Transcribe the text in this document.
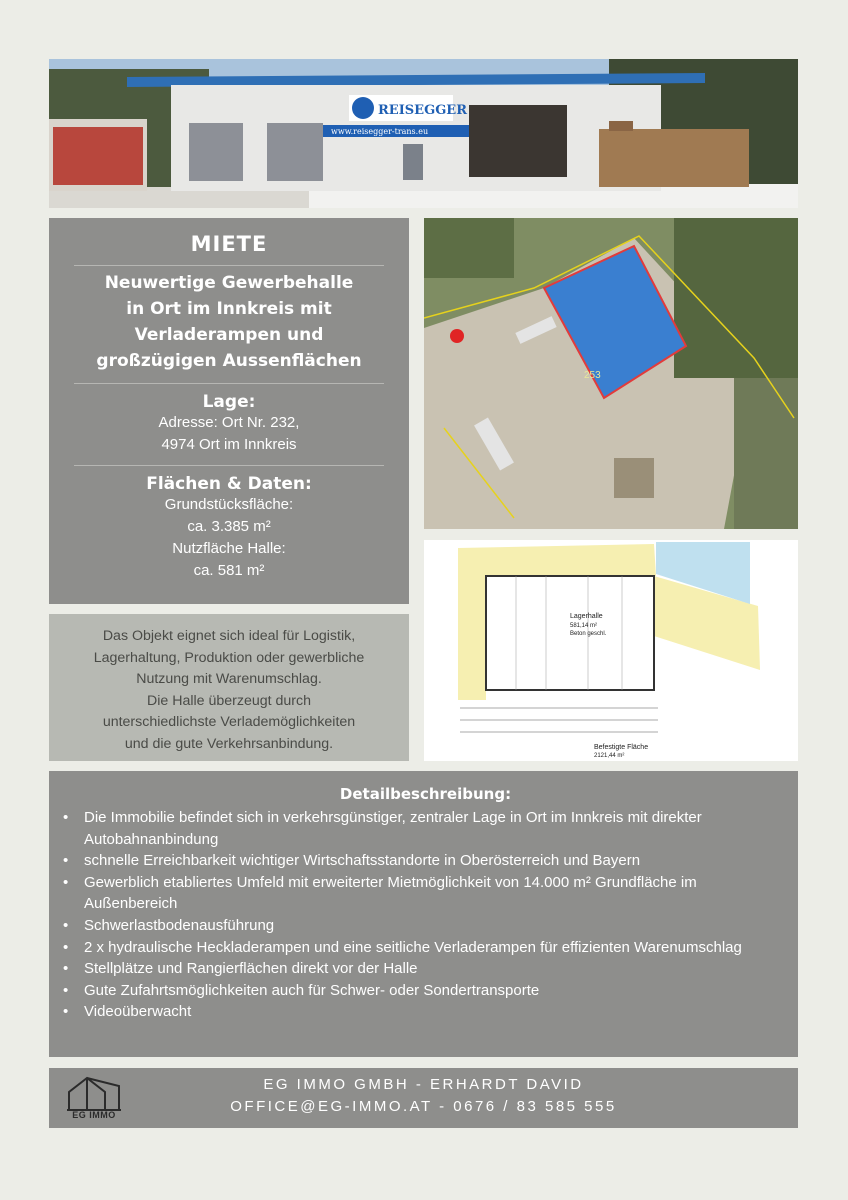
REISEGGER
www.reisegger-trans.eu
MIETE
Neuwertige Gewerbehalle
in Ort im Innkreis mit
Verladerampen und
großzügigen Aussenflächen
Lage:
Adresse: Ort Nr. 232,
4974 Ort im Innkreis
Flächen & Daten:
Grundstücksfläche:
ca. 3.385 m²
Nutzfläche Halle:
ca. 581 m²
253
Lagerhalle
581,14 m²
Beton geschl.
Befestigte Fläche
2121,44 m²
Das Objekt eignet sich ideal für Logistik,
Lagerhaltung, Produktion oder gewerbliche
Nutzung mit Warenumschlag.
Die Halle überzeugt durch
unterschiedlichste Verlademöglichkeiten
und die gute Verkehrsanbindung.
Detailbeschreibung:
• Die Immobilie befindet sich in verkehrsgünstiger, zentraler Lage in Ort im Innkreis mit direkter Autobahnanbindung
• schnelle Erreichbarkeit wichtiger Wirtschaftsstandorte in Oberösterreich und Bayern
• Gewerblich etabliertes Umfeld mit erweiterter Mietmöglichkeit von 14.000 m² Grundfläche im Außenbereich
• Schwerlastbodenausführung
• 2 x hydraulische Heckladerampen und eine seitliche Verladerampen für effizienten Warenumschlag
• Stellplätze und Rangierflächen direkt vor der Halle
• Gute Zufahrtsmöglichkeiten auch für Schwer- oder Sondertransporte
• Videoüberwacht
EG IMMO
EG IMMO GMBH - ERHARDT DAVID
OFFICE@EG-IMMO.AT - 0676 / 83 585 555
